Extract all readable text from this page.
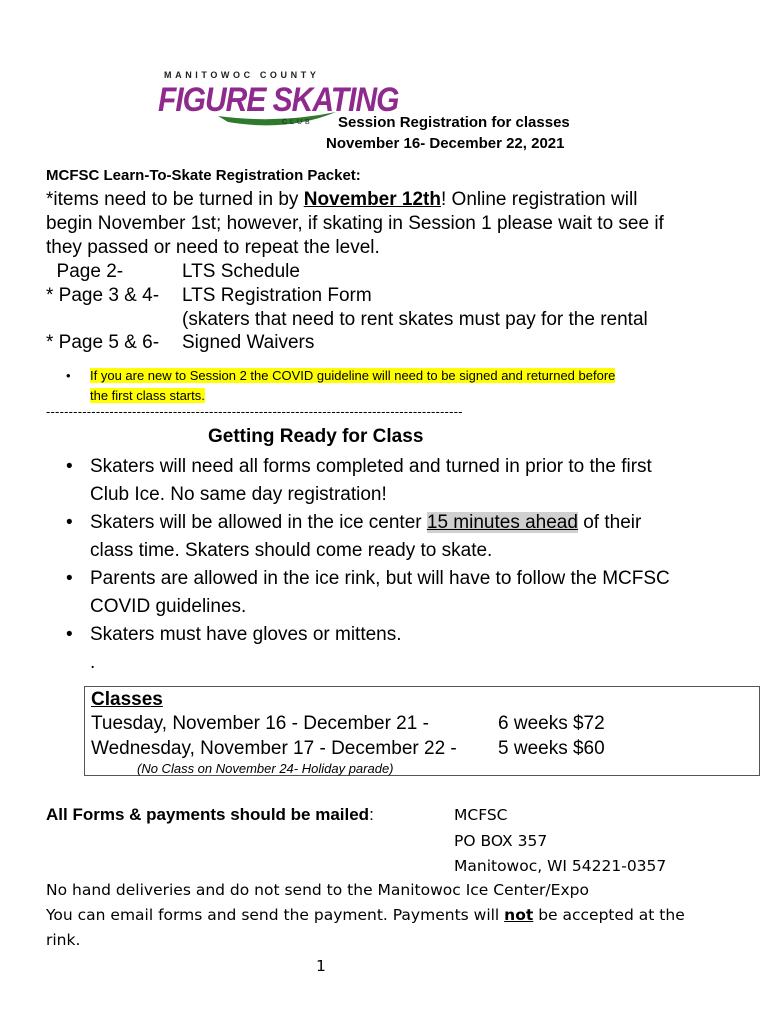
MANITOWOC COUNTY
FIGURE SKATING
CLUB Session Registration for classes
November 16- December 22, 2021
MCFSC Learn-To-Skate Registration Packet:
*items need to be turned in by November 12th! Online registration will
begin November 1st; however, if skating in Session 1 please wait to see if
they passed or need to repeat the level.
Page 2-	LTS Schedule
* Page 3 & 4- LTS Registration Form
(skaters that need to rent skates must pay for the rental
* Page 5 & 6- Signed Waivers
• If you are new to Session 2 the COVID guideline will need to be signed and returned before
the first class starts.
--------------------------------------------------------------------------------------------
Getting Ready for Class
• Skaters will need all forms completed and turned in prior to the first
Club Ice. No same day registration!
• Skaters will be allowed in the ice center 15 minutes ahead of their
class time. Skaters should come ready to skate.
• Parents are allowed in the ice rink, but will have to follow the MCFSC
COVID guidelines.
• Skaters must have gloves or mittens.
.
Classes
Tuesday, November 16 - December 21 -	6 weeks $72
Wednesday, November 17 - December 22 - 5 weeks $60
(No Class on November 24- Holiday parade)
All Forms & payments should be mailed:	MCFSC
PO BOX 357
Manitowoc, WI 54221-0357
No hand deliveries and do not send to the Manitowoc Ice Center/Expo
You can email forms and send the payment. Payments will not be accepted at the
rink.
1
